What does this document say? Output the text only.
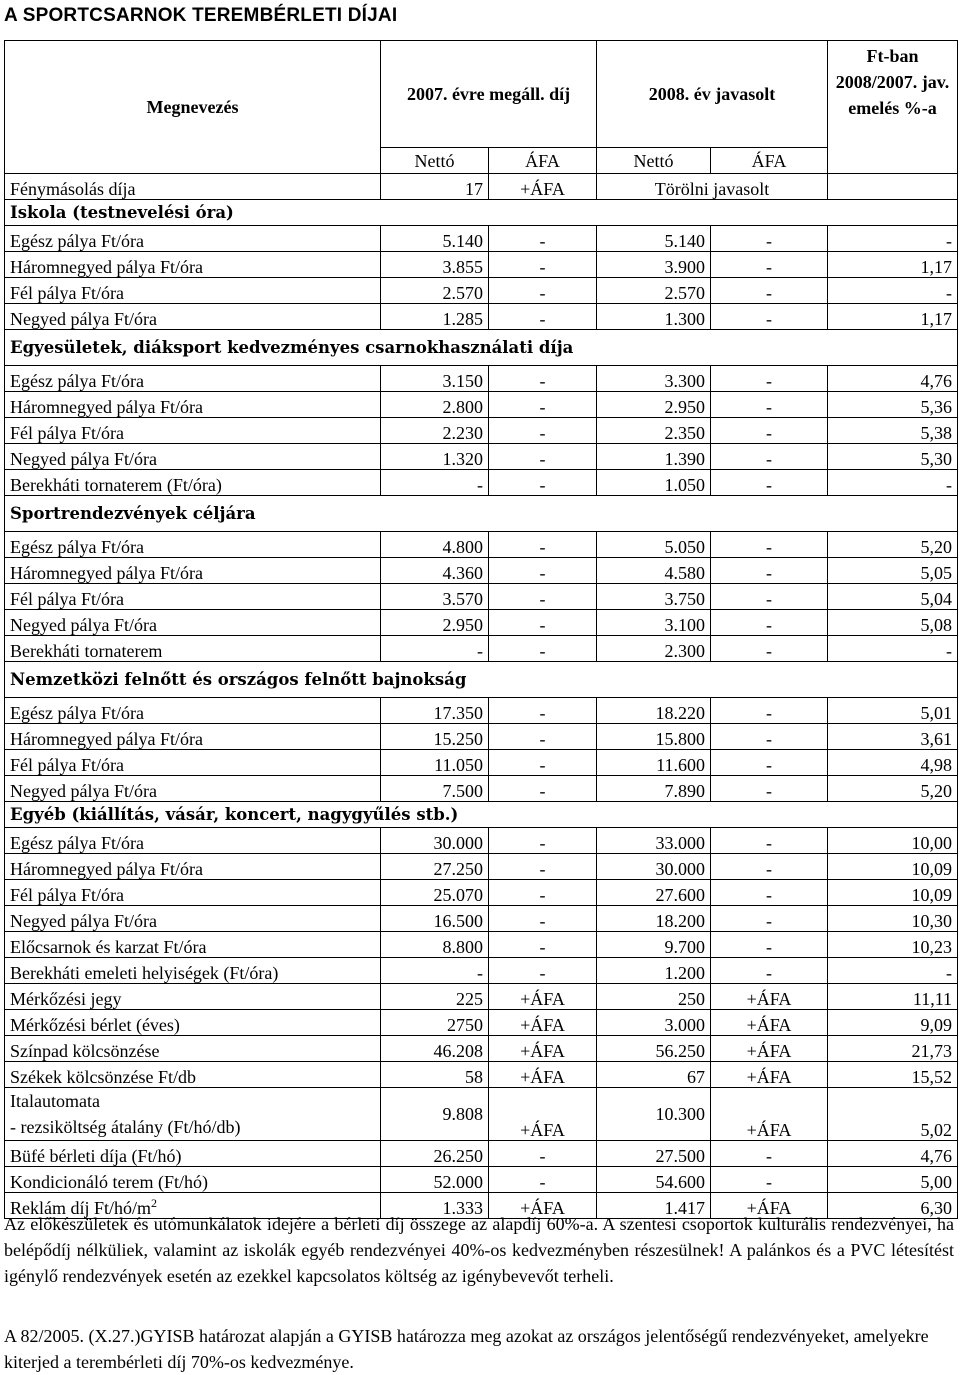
A SPORTCSARNOK TEREMBÉRLETI DÍJAI
Megnevezés	2007. évre megáll. díj		2008. év javasolt		Ft-ban
2008/2007. jav. emelés %-a

	Nettó	ÁFA	Nettó	ÁFA	
Fénymásolás díja	17	+ÁFA	Törölni javasolt		
Iskola (testnevelési óra)					
Egész pálya Ft/óra	5.140	-	5.140	-	-
Háromnegyed pálya Ft/óra	3.855	-	3.900	-	1,17
Fél pálya Ft/óra	2.570	-	2.570	-	-
Negyed pálya Ft/óra	1.285	-	1.300	-	1,17
Egyesületek, diáksport kedvezményes csarnokhasználati díja					
Egész pálya Ft/óra	3.150	-	3.300	-	4,76
Háromnegyed pálya Ft/óra	2.800	-	2.950	-	5,36
Fél pálya Ft/óra	2.230	-	2.350	-	5,38
Negyed pálya Ft/óra	1.320	-	1.390	-	5,30
Berekháti tornaterem (Ft/óra)	-	-	1.050	-	-
Sportrendezvények céljára					
Egész pálya Ft/óra	4.800	-	5.050	-	5,20
Háromnegyed pálya Ft/óra	4.360	-	4.580	-	5,05
Fél pálya Ft/óra	3.570	-	3.750	-	5,04
Negyed pálya Ft/óra	2.950	-	3.100	-	5,08
Berekháti tornaterem	-	-	2.300	-	-
Nemzetközi felnőtt és országos felnőtt bajnokság					
Egész pálya Ft/óra	17.350	-	18.220	-	5,01
Háromnegyed pálya Ft/óra	15.250	-	15.800	-	3,61
Fél pálya Ft/óra	11.050	-	11.600	-	4,98
Negyed pálya Ft/óra	7.500	-	7.890	-	5,20
Egyéb (kiállítás, vásár, koncert, nagygyűlés stb.)					
Egész pálya Ft/óra	30.000	-	33.000	-	10,00
Háromnegyed pálya Ft/óra	27.250	-	30.000	-	10,09
Fél pálya Ft/óra	25.070	-	27.600	-	10,09
Negyed pálya Ft/óra	16.500	-	18.200	-	10,30
Előcsarnok és karzat Ft/óra	8.800	-	9.700	-	10,23
Berekháti emeleti helyiségek (Ft/óra)	-	-	1.200	-	-
Mérkőzési jegy	225	+ÁFA	250	+ÁFA	11,11
Mérkőzési bérlet (éves)	2750	+ÁFA	3.000	+ÁFA	9,09
Színpad kölcsönzése	46.208	+ÁFA	56.250	+ÁFA	21,73
Székek kölcsönzése Ft/db	58	+ÁFA	67	+ÁFA	15,52

Italautomata
- rezsiköltség átalány (Ft/hó/db)	9.808	+ÁFA	10.300	+ÁFA	5,02
Büfé bérleti díja (Ft/hó)	26.250	-	27.500	-	4,76
Kondicionáló terem (Ft/hó)	52.000	-	54.600	-	5,00
Reklám díj $Ft/hó/m^2$	1.333	+ÁFA	1.417	+ÁFA	6,30

Az előkészületek és utómunkálatok idejére a bérleti díj összege az alapdíj 60%-a. A szentesi csoportok kulturális rendezvényei, ha belépődíj nélküliek, valamint az iskolák egyéb rendezvényei 40%-os kedvezményben részesülnek! A palánkos és a PVC létesítést igénylő rendezvények esetén az ezekkel kapcsolatos költség az igénybevevőt terheli.

A 82/2005. (X.27.)GYISB határozat alapján a GYISB határozza meg azokat az országos jelentőségű rendezvényeket, amelyekre kiterjed a terembérleti díj 70%-os kedvezménye.
